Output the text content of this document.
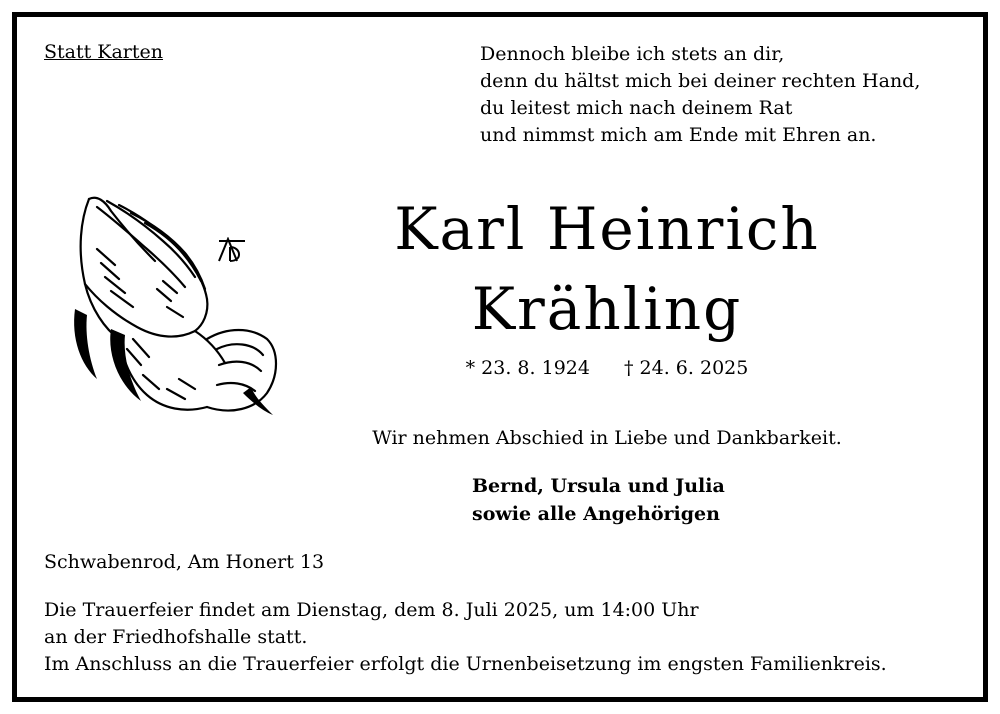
Statt Karten	Dennoch bleibe ich stets an dir,
denn du hältst mich bei deiner rechten Hand,
du leitest mich nach deinem Rat
und nimmst mich am Ende mit Ehren an.
Karl Heinrich
Krähling

* 23. 8. 1924 † 24. 6. 2025

Wir nehmen Abschied in Liebe und Dankbarkeit.

Bernd, Ursula und Julia
sowie alle Angehörigen

Schwabenrod, Am Honert 13

Die Trauerfeier findet am Dienstag, dem 8. Juli 2025, um 14:00 Uhr
an der Friedhofshalle statt.
Im Anschluss an die Trauerfeier erfolgt die Urnenbeisetzung im engsten Familienkreis.
